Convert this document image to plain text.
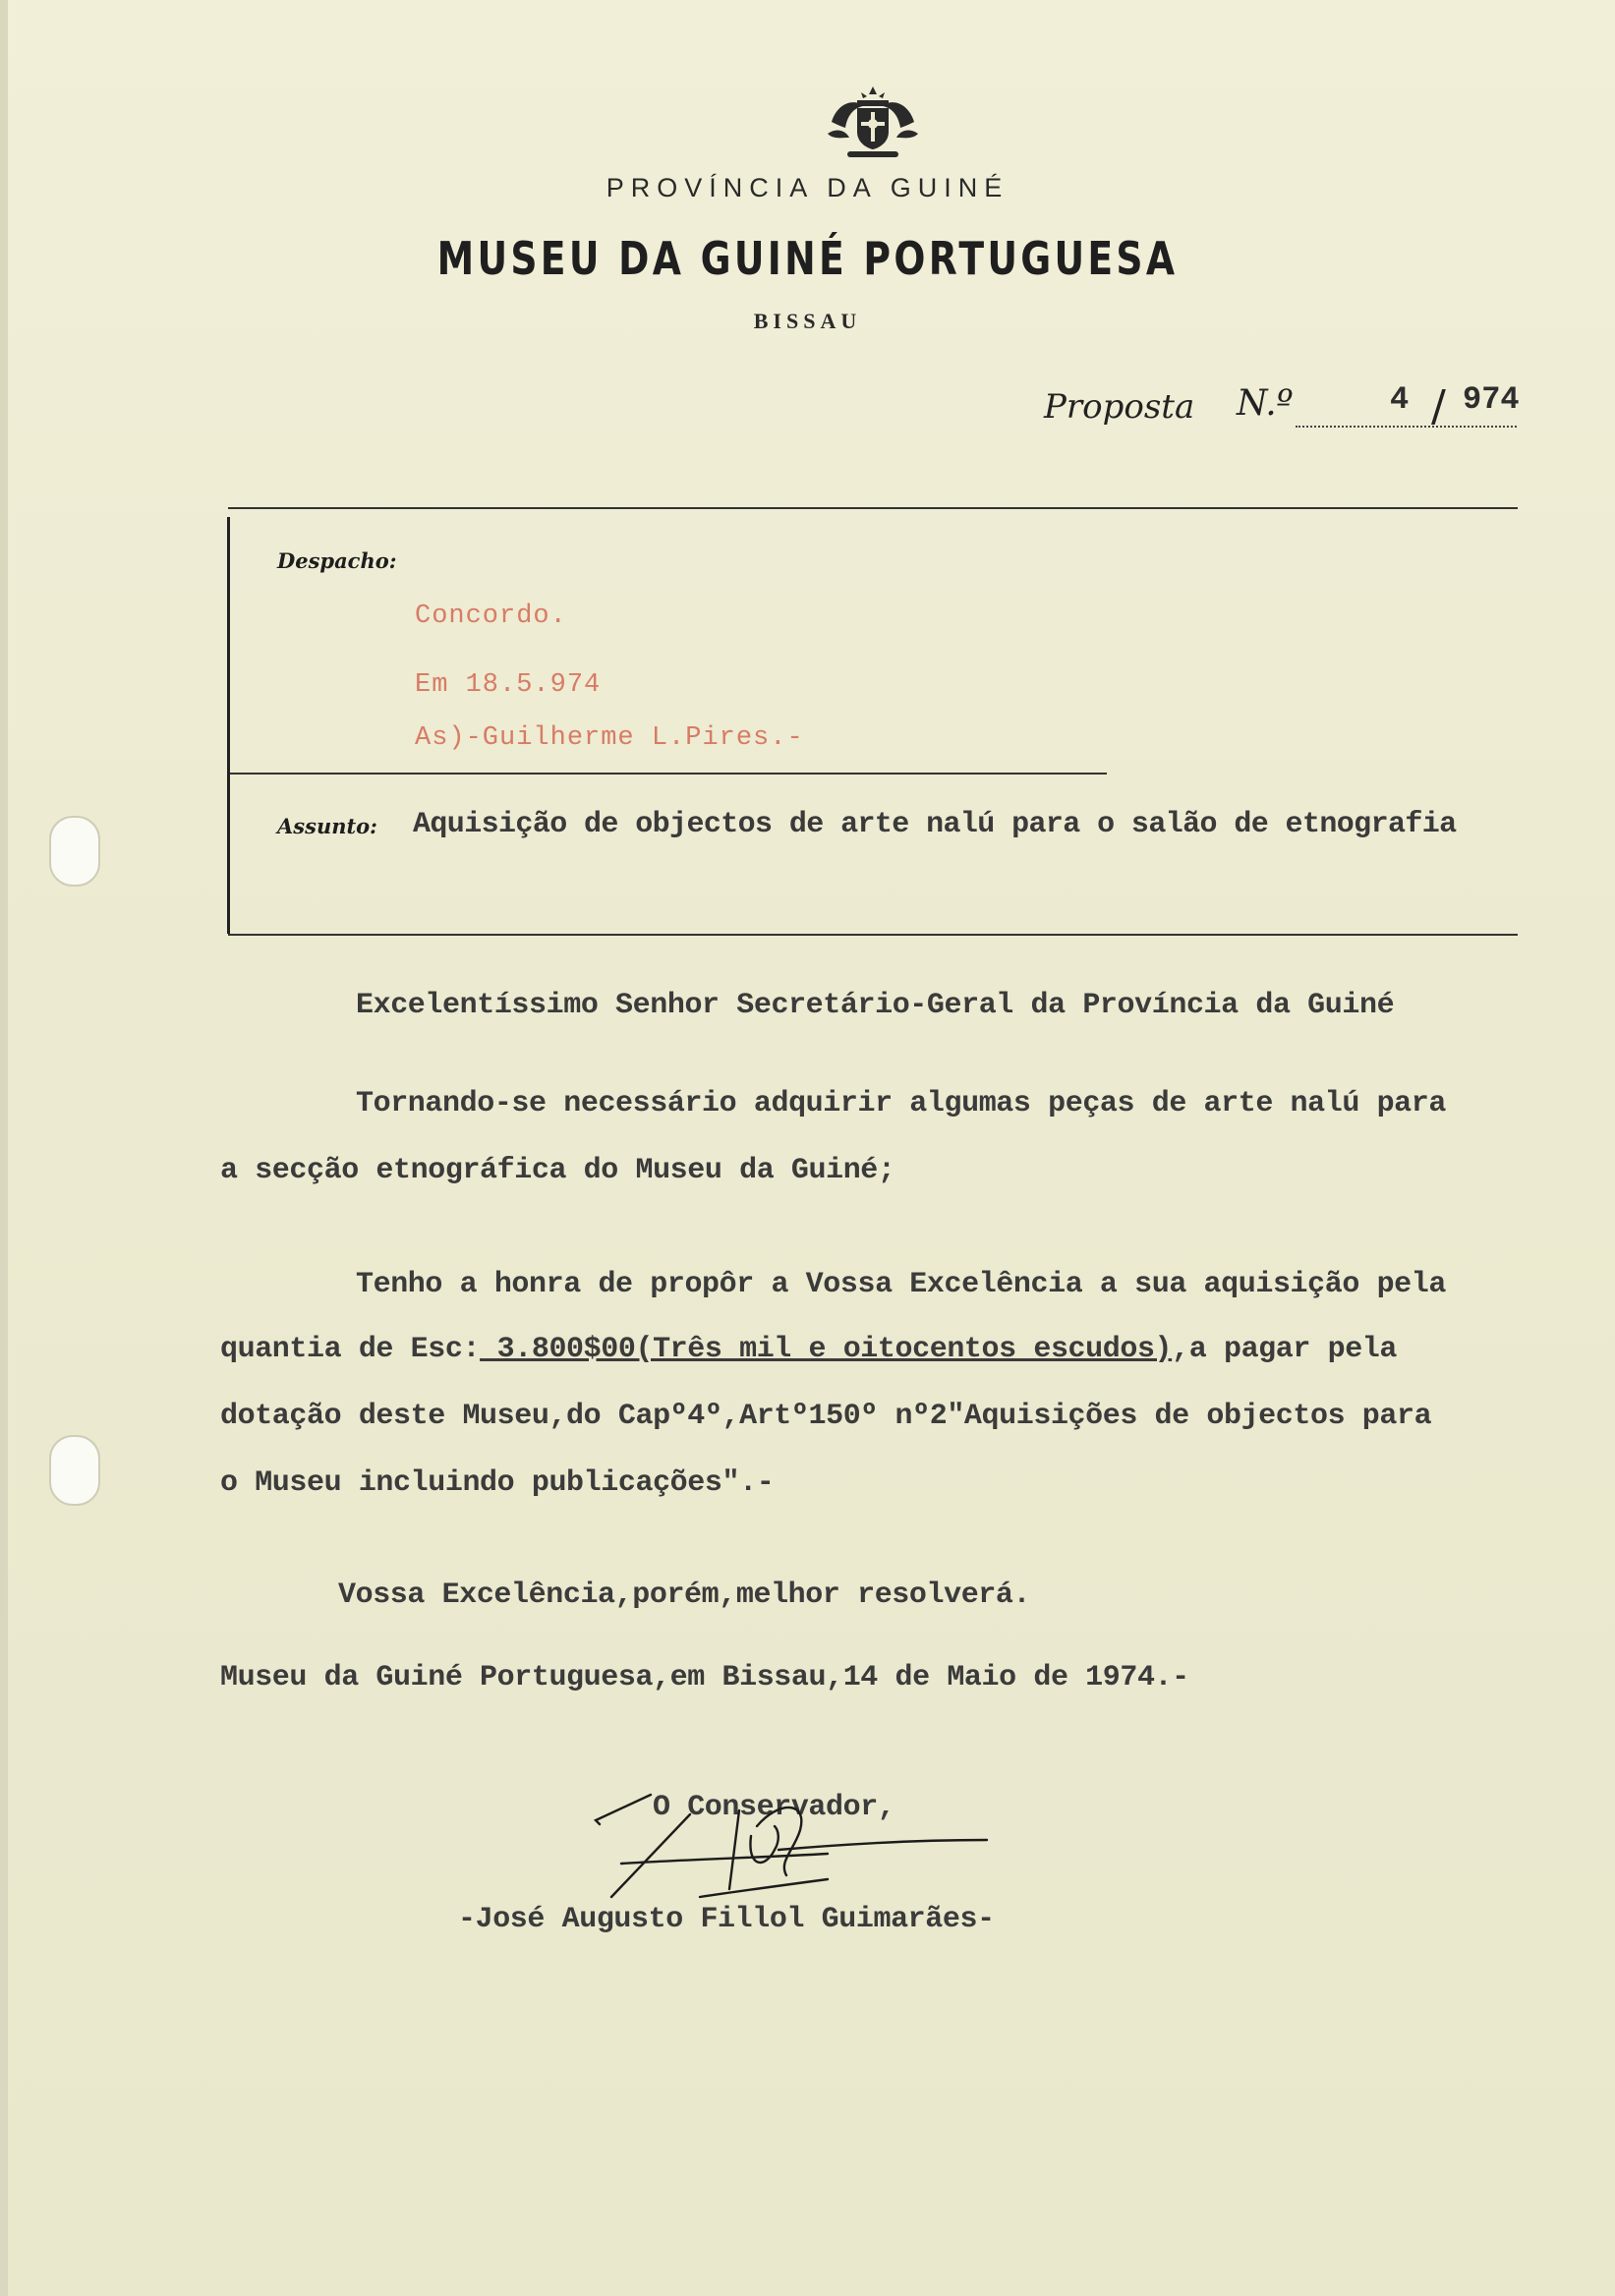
PROVÍNCIA DA GUINÉ
MUSEU DA GUINÉ PORTUGUESA
BISSAU
Proposta N.º	4 / 974
Despacho:
Concordo.
Em 18.5.974
As)-Guilherme L.Pires.-
Assunto: Aquisição de objectos de arte nalú para o salão de etnografia
Excelentíssimo Senhor Secretário-Geral da Província da Guiné
Tornando-se necessário adquirir algumas peças de arte nalú para
a secção etnográfica do Museu da Guiné;
Tenho a honra de propôr a Vossa Excelência a sua aquisição pela
quantia de Esc: 3.800$00(Três mil e oitocentos escudos),a pagar pela
dotação deste Museu,do Capº4º,Artº150º nº2"Aquisições de objectos para
o Museu incluindo publicações".-
Vossa Excelência,porém,melhor resolverá.
Museu da Guiné Portuguesa,em Bissau,14 de Maio de 1974.-
O Conservador,
-José Augusto Fillol Guimarães-
